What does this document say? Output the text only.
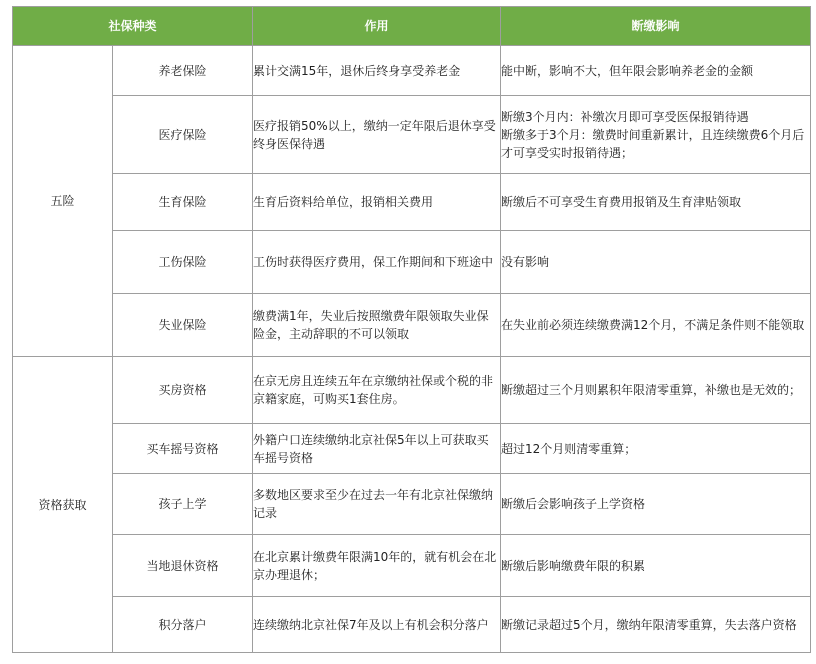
社保种类		作用	断缴影响
五险	养老保险	累计交满15年，退休后终身享受养老金	能中断，影响不大，但年限会影响养老金的金额
	医疗保险	医疗报销50%以上，缴纳一定年限后退休享受终身医保待遇	断缴3个月内：补缴次月即可享受医保报销待遇
断缴多于3个月：缴费时间重新累计，且连续缴费6个月后才可享受实时报销待遇；
	生育保险	生育后资料给单位，报销相关费用	断缴后不可享受生育费用报销及生育津贴领取
	工伤保险	工伤时获得医疗费用，保工作期间和下班途中	没有影响
	失业保险	缴费满1年，失业后按照缴费年限领取失业保险金，主动辞职的不可以领取	在失业前必须连续缴费满12个月，不满足条件则不能领取
资格获取	买房资格	在京无房且连续五年在京缴纳社保或个税的非京籍家庭，可购买1套住房。	断缴超过三个月则累积年限清零重算，补缴也是无效的；
	买车摇号资格	外籍户口连续缴纳北京社保5年以上可获取买车摇号资格	超过12个月则清零重算；
	孩子上学	多数地区要求至少在过去一年有北京社保缴纳记录	断缴后会影响孩子上学资格
	当地退休资格	在北京累计缴费年限满10年的，就有机会在北京办理退休；	断缴后影响缴费年限的积累
	积分落户	连续缴纳北京社保7年及以上有机会积分落户	断缴记录超过5个月，缴纳年限清零重算，失去落户资格
